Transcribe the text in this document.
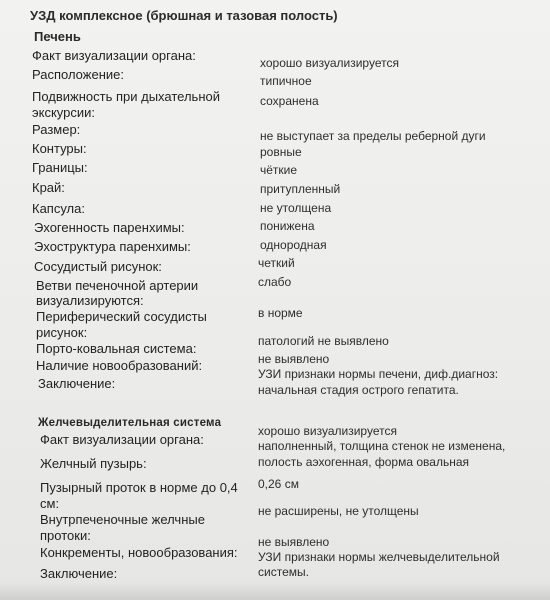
УЗД комплексное (брюшная и тазовая полость)
Печень
Факт визуализации органа:	хорошо визуализируется
Расположение:	типичное
Подвижность при дыхательной
экскурсии:
сохранена
Размер:	не выступает за пределы реберной дуги
Контуры:	ровные
Границы:	чёткие
Край:	притупленный
Капсула:	не утолщена
Эхогенность паренхимы:	понижена
Эхоструктура паренхимы:	однородная
Сосудистый рисунок:	четкий
Ветви печеночной артерии
визуализируются:
слабо
Периферический сосудисты
рисунок:
в норме
Порто-ковальная система:	патологий не выявлено
Наличие новообразований:	не выявлено
Заключение:
УЗИ признаки нормы печени, диф.диагноз:
начальная стадия острого гепатита.
Желчевыделительная система
Факт визуализации органа:
хорошо визуализируется
Желчный пузырь:
наполненный, толщина стенок не изменена,
полость аэхогенная, форма овальная
Пузырный проток в норме до 0,4
см:
0,26 см
Внутрпеченочные желчные
протоки:
не расширены, не утолщены
Конкременты, новообразования:
не выявлено
Заключение:
УЗИ признаки нормы желчевыделительной
системы.
